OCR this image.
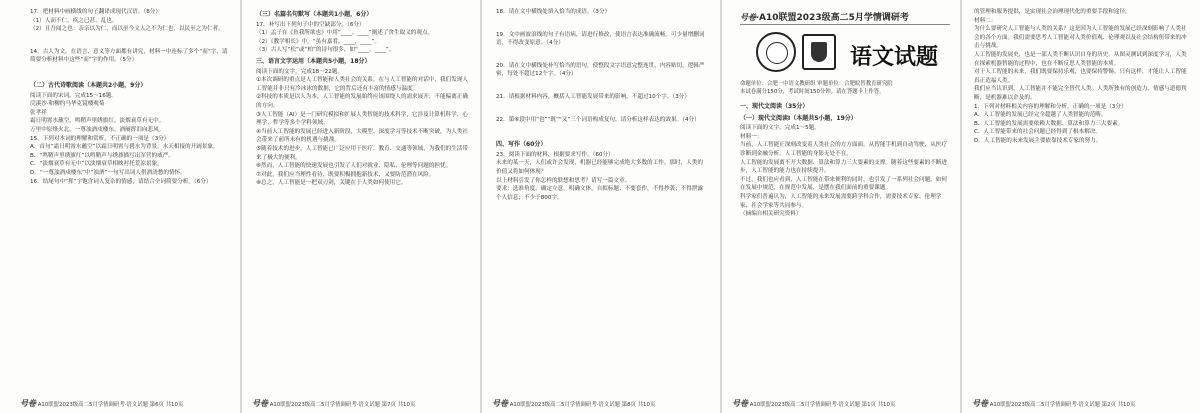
17．把材料中画横线的句子翻译成现代汉语。（8分）
（1）人而不仁，疾之已甚，乱也。
（2）且吾闻之也：亲亲以为仁，而以至今文人之不为仁也，以民至之为仁者。
14．古人为文，在语言、意义等方面都有讲究，材料一中连标了多个“而”字，请简要分析材料中这些“而”字的作用。（5分）
（二）古代诗歌阅读（本题共2小题，9分）
阅读下面的宋词，完成15～16题。
浣溪沙·和柳约马华克镜楼观菊
张孝祥
霜日明霄水蘸空，鸣鞘声里绣旗红。淡烟衰草有无中。
万里中原烽火北，一尊浊酒戍楼东。酒阑挥泪向悲风。
15．下列对本词的理解和赏析，不正确的一项是（3分）
A．首句“霜日明霄水蘸空”以霜日明霄与碧水为背景，水天相接的开阔景象。
B．“鸣鞘声里绣旗红”以鸣鞘声与绣旗描写出军营的威严。
C．“淡烟衰草有无中”以淡烟衰草相映衬托荒凉景象。
D．“一尊浊酒戍楼东”中“浊酒”一句写出词人借酒浇愁的情怀。
16．结尾句中“挥”字饱含词人复杂的情感，请结合全词简要分析。（6分）
号卷 A10联盟2023级高二5月学情调研考·语文试题 第6页 共10页
（三）名篇名句默写（本题共1小题，6分）
17．补写出下列句子中的空缺部分。（6分）
（1）孟子在《鱼我所欲也》中用“____，____”阐述了舍生取义的观点。
（2）《教学相长》中，“虽有嘉肴，____，____”。
（3）古人写“松”或“柏”的诗句很多，如“____，____”。
三、语言文字运用（本题共5小题，18分）
阅读下面的文字，完成18～22题。
①本次调研的重点是人工智能和人类社会的关系。在与人工智能的对话中，我们发现人工智能并非只有冷冰冰的数据，它的背后还有丰富的情感与温度。
②科技的本质是以人为本，人工智能的发展始终应该围绕人的需求展开，不能偏离正确的方向。
③人工智能（AI）是一门研究模拟和扩展人类智能的技术科学，它涉及计算机科学、心理学、哲学等多个学科领域。
④当前人工智能的发展已经进入新阶段，大模型、深度学习等技术不断突破，为人类社会带来了前所未有的机遇与挑战。
⑤随着技术的进步，人工智能已广泛应用于医疗、教育、交通等领域，为我们的生活带来了极大的便利。
⑥然而，人工智能的快速发展也引发了人们对就业、隐私、伦理等问题的担忧。
⑦对此，我们应当理性看待，既要积极拥抱新技术，又要防范潜在风险。
⑧总之，人工智能是一把双刃剑，关键在于人类如何使用它。
号卷 A10联盟2023级高二5月学情调研考·语文试题 第7页 共10页
18．请在文中横线处填入恰当的成语。（3分）
19．文中画波浪线的句子有语病，请进行修改，使语言表达准确流畅。可少量增删词语，不得改变原意。（4分）
20．请在文中横线处补写恰当的语句，使整段文字语意完整连贯，内容贴切，逻辑严密，每处不超过12个字。（4分）
21．请根据材料内容，概括人工智能发展带来的影响，不超过10个字。（3分）
22．第⑥段中用“也”“既”“又”三个词语构成复句，请分析这样表达的效果。（4分）
四、写作（60分）
23．阅读下面的材料，根据要求写作。（60分）
未来的某一天，人们或许会发现，机器已经能够完成绝大多数的工作。那时，人类的价值又将如何体现？
以上材料引发了你怎样的联想和思考？请写一篇文章。
要求：选准角度，确定立意，明确文体，自拟标题；不要套作，不得抄袭；不得泄露个人信息；不少于800字。
号卷 A10联盟2023级高二5月学情调研考·语文试题 第8页 共10页
号卷·A10联盟2023级高二5月学情调研考
语文试题
命题单位：合肥一中语文教研组 审题单位：合肥皖智教育研究院
本试卷满分150分，考试时间150分钟。请在答题卡上作答。
一、现代文阅读（35分）
（一）现代文阅读Ⅰ（本题共5小题，19分）
阅读下面的文字，完成1～5题。
材料一：
当前，人工智能正深刻改变着人类社会的方方面面。从智能手机到自动驾驶，从医疗诊断到金融分析，人工智能的身影无处不在。
人工智能的发展离不开大数据、算法和算力三大要素的支撑。随着这些要素的不断进步，人工智能的能力也在持续提升。
不过，我们也应看到，人工智能在带来便利的同时，也引发了一系列社会问题。如何在发展中规范，在规范中发展，是摆在我们面前的重要课题。
科学家们普遍认为，人工智能的未来发展需要跨学科合作，需要技术专家、伦理学家、社会学家等共同参与。
（摘编自相关研究资料）
号卷 A10联盟2023级高二5月学情调研考·语文试题 第1页 共10页
的管理和服务提供，是实现社会治理现代化的重要手段和途径。
材料二：
为什么要研究人工智能与人类的关系？这是因为人工智能的发展已经深刻影响了人类社会的各个方面。我们需要思考人工智能对人类价值观、伦理观以及社会结构所带来的冲击与挑战。
人工智能的发展史，也是一部人类不断认识自身的历史。从图灵测试到深度学习，人类在探索机器智能的过程中，也在不断反思人类智能的本质。
对于人工智能的未来，我们既要保持乐观，也要保持警惕。只有这样，才能让人工智能真正造福人类。
我们应当认识到，人工智能并不能完全替代人类。人类所独有的创造力、情感与道德判断，是机器难以企及的。
1．下列对材料相关内容的理解和分析，正确的一项是（3分）
A．人工智能的发展已经完全超越了人类智能的范畴。
B．人工智能的发展需要依赖大数据、算法和算力三大要素。
C．人工智能带来的社会问题已经得到了根本解决。
D．人工智能的未来发展主要依靠技术专家的努力。
号卷 A10联盟2023级高二5月学情调研考·语文试题 第2页 共10页
